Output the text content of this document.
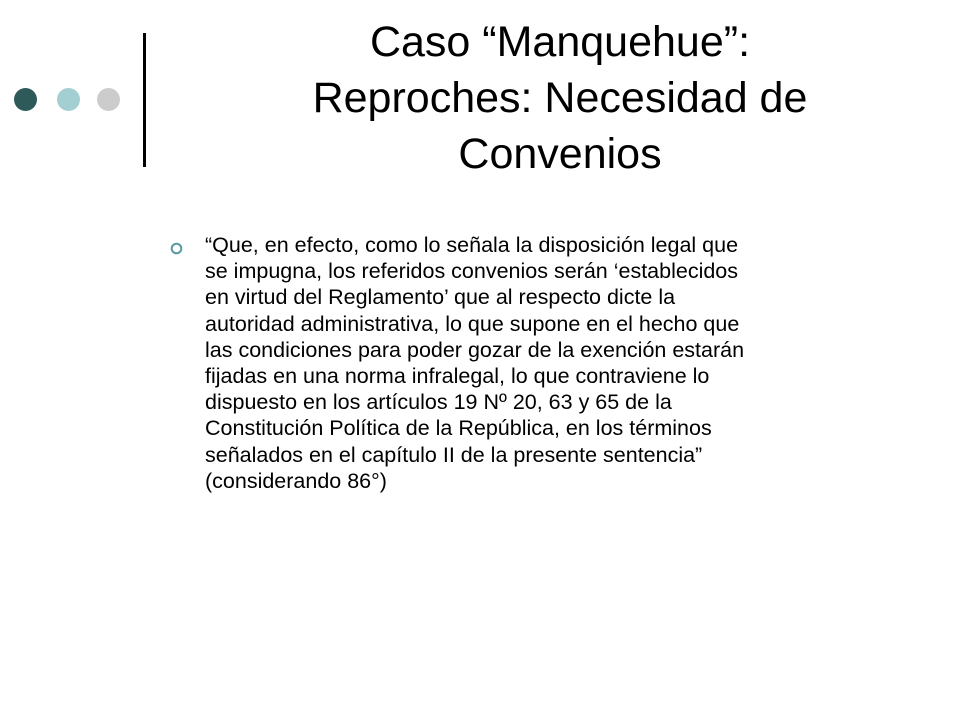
Caso “Manquehue”:
Reproches: Necesidad de
Convenios

“Que, en efecto, como lo señala la disposición legal que
se impugna, los referidos convenios serán ‘establecidos
en virtud del Reglamento’ que al respecto dicte la
autoridad administrativa, lo que supone en el hecho que
las condiciones para poder gozar de la exención estarán
fijadas en una norma infralegal, lo que contraviene lo
dispuesto en los artículos 19 Nº 20, 63 y 65 de la
Constitución Política de la República, en los términos
señalados en el capítulo II de la presente sentencia”
(considerando 86°)
